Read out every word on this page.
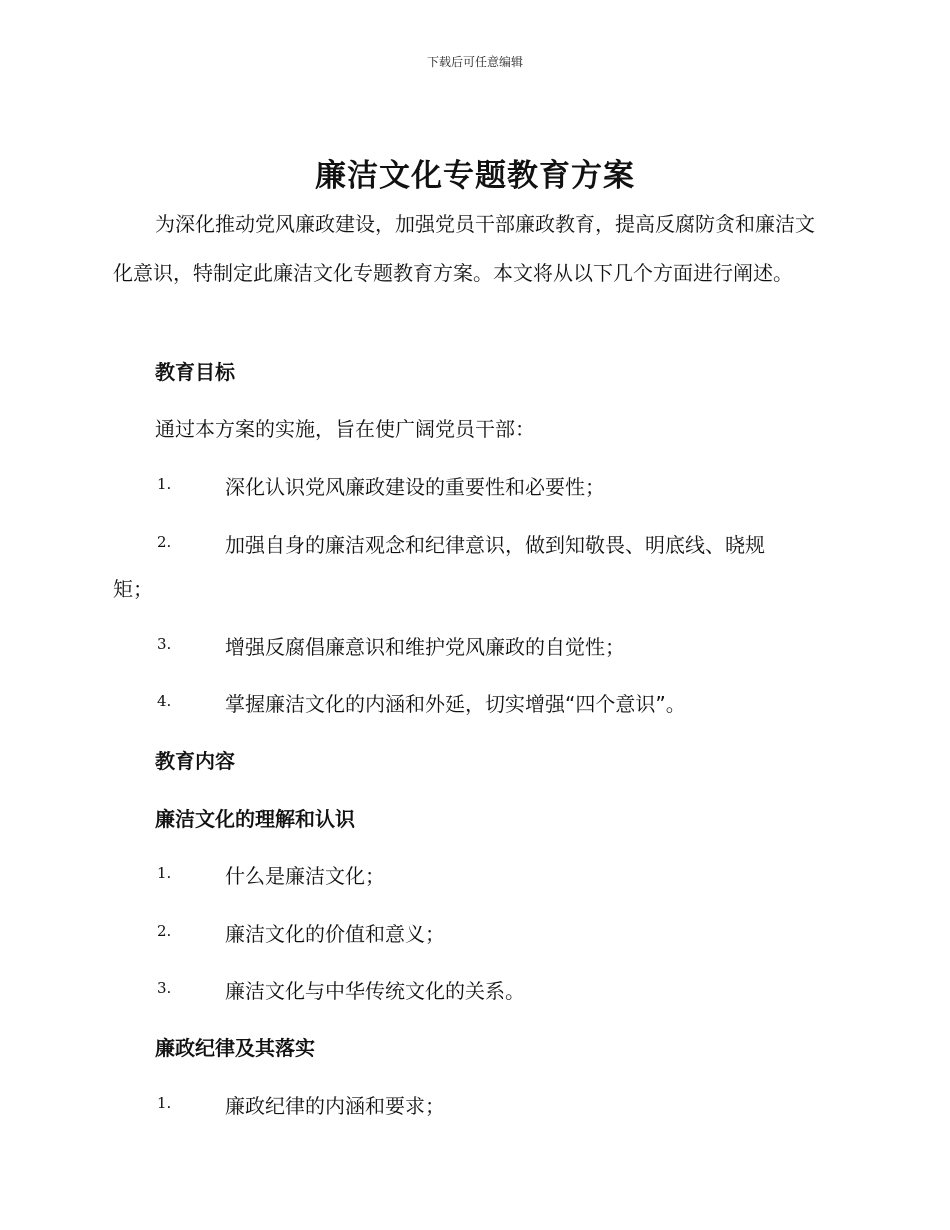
下载后可任意编辑
廉洁文化专题教育方案
为深化推动党风廉政建设，加强党员干部廉政教育，提高反腐防贪和廉洁文化意识，特制定此廉洁文化专题教育方案。本文将从以下几个方面进行阐述。
教育目标
通过本方案的实施，旨在使广阔党员干部：
1.	深化认识党风廉政建设的重要性和必要性；
2.	加强自身的廉洁观念和纪律意识，做到知敬畏、明底线、晓规
矩；
3.	增强反腐倡廉意识和维护党风廉政的自觉性；
4.	掌握廉洁文化的内涵和外延，切实增强“四个意识”。
教育内容
廉洁文化的理解和认识
1.	什么是廉洁文化；
2.	廉洁文化的价值和意义；
3.	廉洁文化与中华传统文化的关系。
廉政纪律及其落实
1.	廉政纪律的内涵和要求；
